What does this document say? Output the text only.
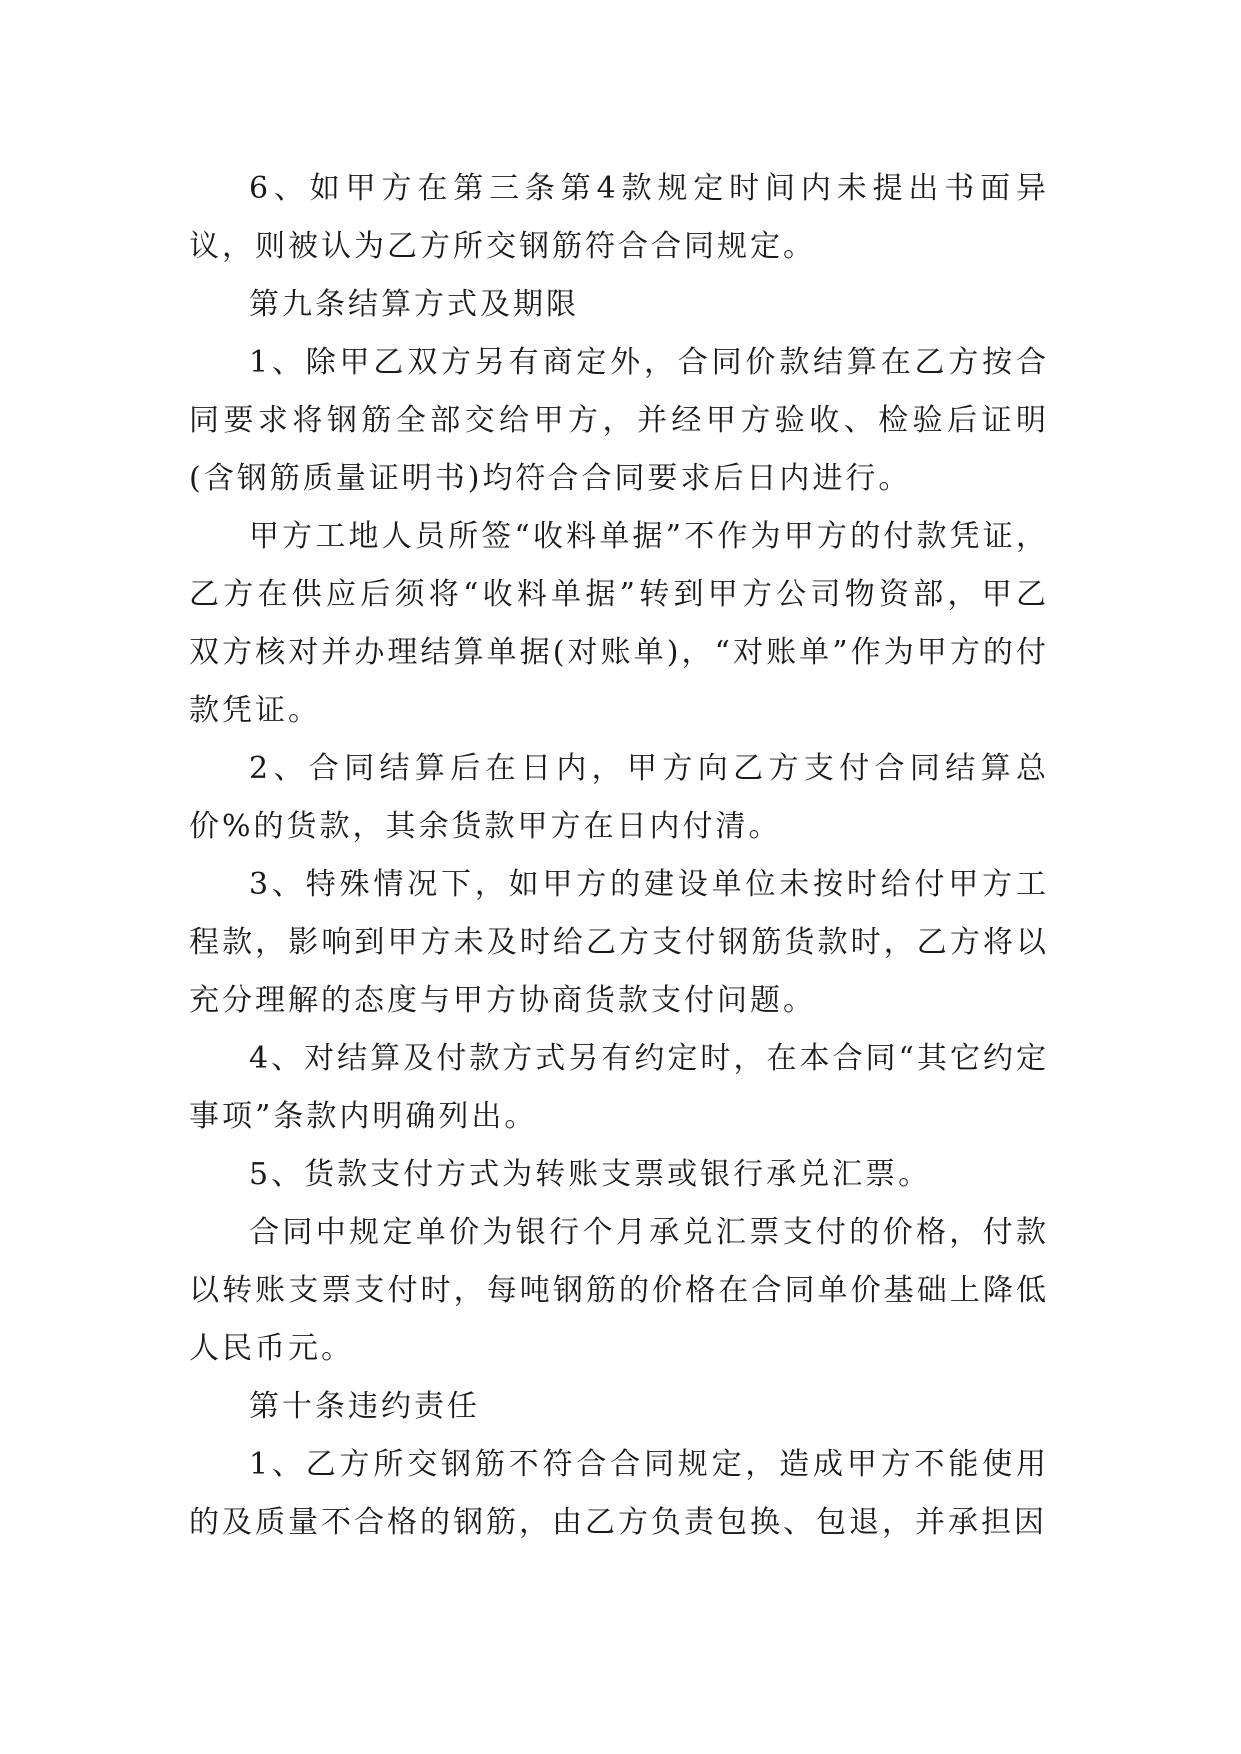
6、如甲方在第三条第4款规定时间内未提出书面异议，则被认为乙方所交钢筋符合合同规定。

第九条结算方式及期限

1、除甲乙双方另有商定外，合同价款结算在乙方按合同要求将钢筋全部交给甲方，并经甲方验收、检验后证明(含钢筋质量证明书)均符合合同要求后日内进行。

甲方工地人员所签“收料单据”不作为甲方的付款凭证，乙方在供应后须将“收料单据”转到甲方公司物资部，甲乙双方核对并办理结算单据(对账单)，“对账单”作为甲方的付款凭证。

2、合同结算后在日内，甲方向乙方支付合同结算总价%的货款，其余货款甲方在日内付清。

3、特殊情况下，如甲方的建设单位未按时给付甲方工程款，影响到甲方未及时给乙方支付钢筋货款时，乙方将以充分理解的态度与甲方协商货款支付问题。

4、对结算及付款方式另有约定时，在本合同“其它约定事项”条款内明确列出。

5、货款支付方式为转账支票或银行承兑汇票。

合同中规定单价为银行个月承兑汇票支付的价格，付款以转账支票支付时，每吨钢筋的价格在合同单价基础上降低人民币元。

第十条违约责任

1、乙方所交钢筋不符合合同规定，造成甲方不能使用的及质量不合格的钢筋，由乙方负责包换、包退，并承担因
